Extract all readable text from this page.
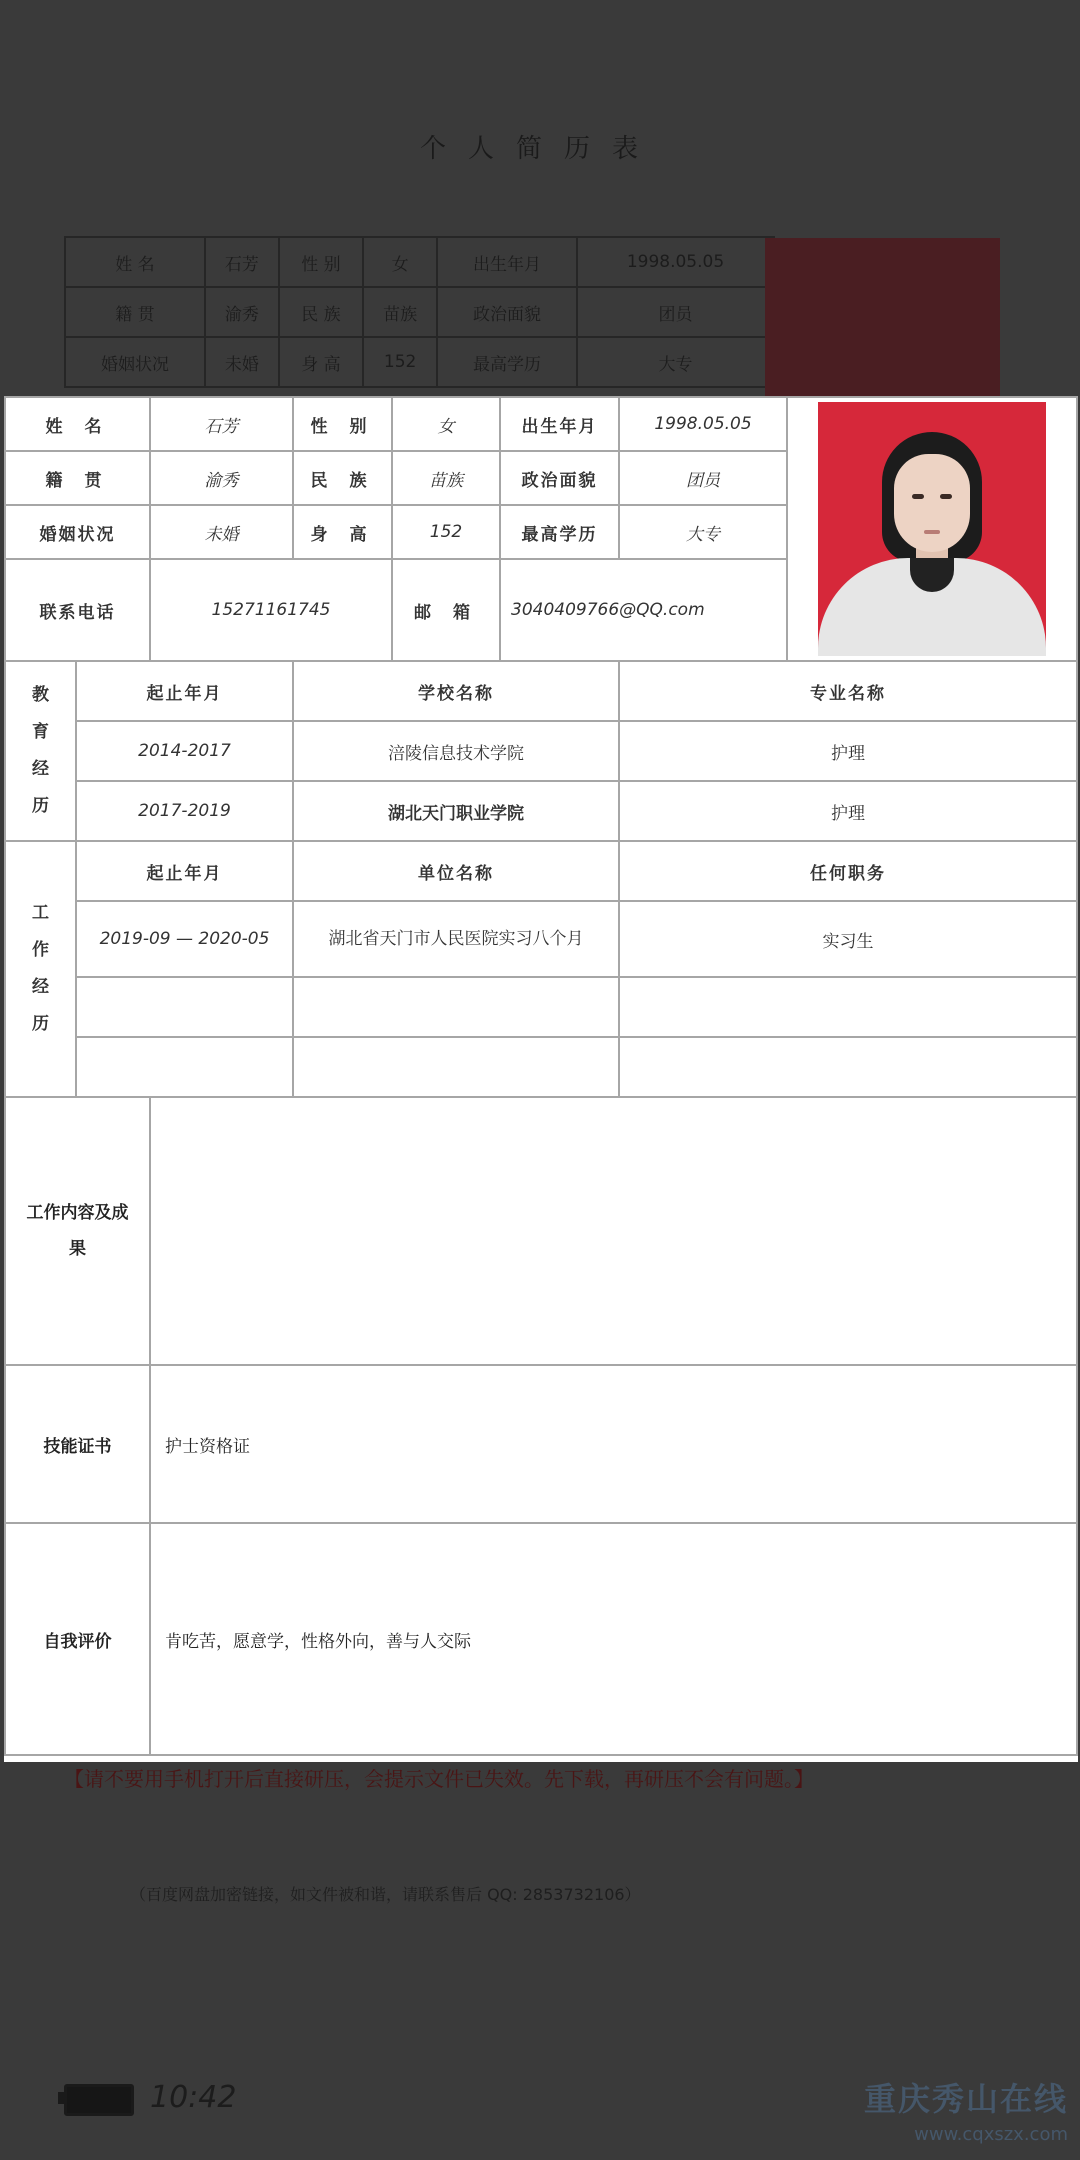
个人简历表
姓 名	石芳	性 别	女	出生年月	1998.05.05	
籍 贯	渝秀	民 族	苗族	政治面貌	团员	
婚姻状况	未婚	身 高	152	最高学历	大专	
【请不要用手机打开后直接研压，会提示文件已失效。先下载，再研压不会有问题。】
（百度网盘加密链接，如文件被和谐，请联系售后 QQ: 2853732106）
10:42	重庆秀山在线
www.cqxszx.com
姓 名		石芳	性 别	女	出生年月	1998.05.05	

籍 贯		渝秀	民 族	苗族	政治面貌	团员	
婚姻状况		未婚	身 高	152	最高学历	大专	
联系电话		15271161745		邮 箱	3040409766@QQ.com		
教
育
经
历	起止年月		学校名称			专业名称	
	2014-2017		涪陵信息技术学院			护理	
	2017-2019		湖北天门职业学院			护理	
工
作
经
历	起止年月		单位名称			任何职务	
	2019-09 — 2020-05		湖北省天门市人民医院实习八个月			实习生	

工作内容及成果							
技能证书		护士资格证					
自我评价		肯吃苦，愿意学，性格外向，善与人交际					
